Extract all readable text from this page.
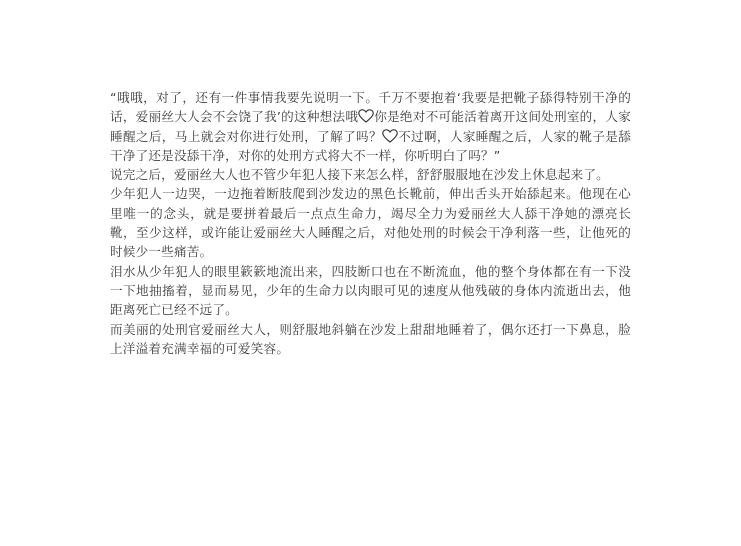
“哦哦，对了，还有一件事情我要先说明一下。千万不要抱着‘我要是把靴子舔得特别干净的话，爱丽丝大人会不会饶了我’的这种想法哦 你是绝对不可能活着离开这间处刑室的，人家睡醒之后，马上就会对你进行处刑，了解了吗？ 不过啊，人家睡醒之后，人家的靴子是舔干净了还是没舔干净，对你的处刑方式将大不一样，你听明白了吗？”

说完之后，爱丽丝大人也不管少年犯人接下来怎么样，舒舒服服地在沙发上休息起来了。

少年犯人一边哭，一边拖着断肢爬到沙发边的黑色长靴前，伸出舌头开始舔起来。他现在心里唯一的念头，就是要拼着最后一点点生命力，竭尽全力为爱丽丝大人舔干净她的漂亮长靴，至少这样，或许能让爱丽丝大人睡醒之后，对他处刑的时候会干净利落一些，让他死的时候少一些痛苦。

泪水从少年犯人的眼里簌簌地流出来，四肢断口也在不断流血，他的整个身体都在有一下没一下地抽搐着，显而易见，少年的生命力以肉眼可见的速度从他残破的身体内流逝出去，他距离死亡已经不远了。

而美丽的处刑官爱丽丝大人，则舒服地斜躺在沙发上甜甜地睡着了，偶尔还打一下鼻息，脸上洋溢着充满幸福的可爱笑容。
